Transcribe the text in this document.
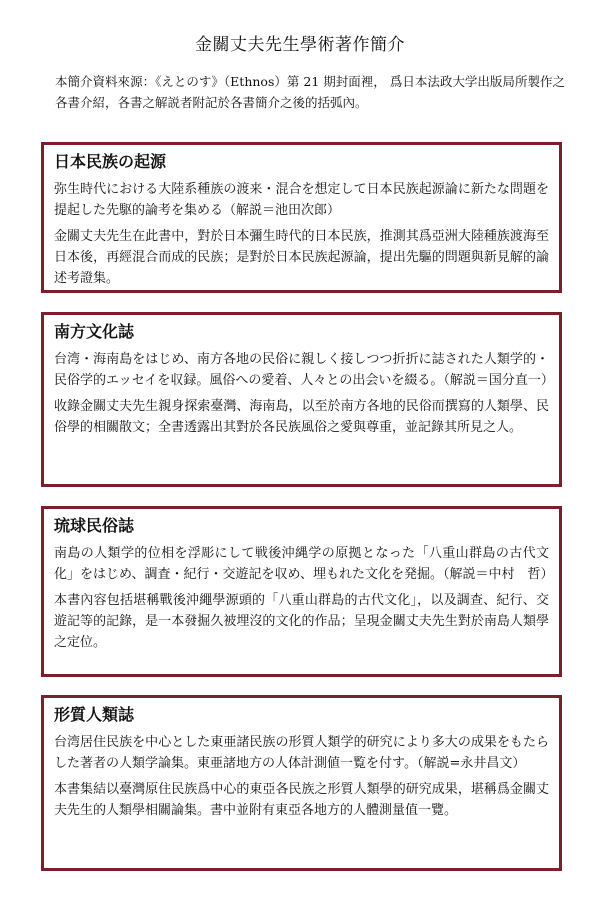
金關丈夫先生學術著作簡介
本簡介資料來源：《えとのす》（Ethnos）第 21 期封面裡， 爲日本法政大学出版局所製作之各書介紹，各書之解説者附記於各書簡介之後的括弧內。
日本民族の起源

弥生時代における大陸系種族の渡来・混合を想定して日本民族起源論に新たな問題を提起した先駆的論考を集める（解説＝池田次郎）

金關丈夫先生在此書中，對於日本彌生時代的日本民族，推測其爲亞洲大陸種族渡海至日本後，再經混合而成的民族；是對於日本民族起源論，提出先驅的問題與新見解的論述考證集。

南方文化誌

台湾・海南島をはじめ、南方各地の民俗に親しく接しつつ折折に誌された人類学的・民俗学的エッセイを収録。風俗への愛着、人々との出会いを綴る。（解説＝国分直一）

收錄金關丈夫先生親身探索臺灣、海南島，以至於南方各地的民俗而撰寫的人類學、民俗學的相關散文；全書透露出其對於各民族風俗之愛與尊重，並記錄其所見之人。

琉球民俗誌

南島の人類学的位相を浮彫にして戦後沖縄学の原拠となった「八重山群島の古代文化」をはじめ、調査・紀行・交遊記を収め、埋もれた文化を発掘。（解説＝中村　哲）

本書內容包括堪稱戰後沖繩學源頭的「八重山群島的古代文化」，以及調查、紀行、交遊記等的記錄，是一本發掘久被埋沒的文化的作品；呈現金關丈夫先生對於南島人類學之定位。

形質人類誌

台湾居住民族を中心とした東亜諸民族の形質人類学的研究により多大の成果をもたらした著者の人類学論集。東亜諸地方の人体計測値一覧を付す。（解説=永井昌文）

本書集結以臺灣原住民族爲中心的東亞各民族之形質人類學的研究成果，堪稱爲金關丈夫先生的人類學相關論集。書中並附有東亞各地方的人體測量值一覽。
